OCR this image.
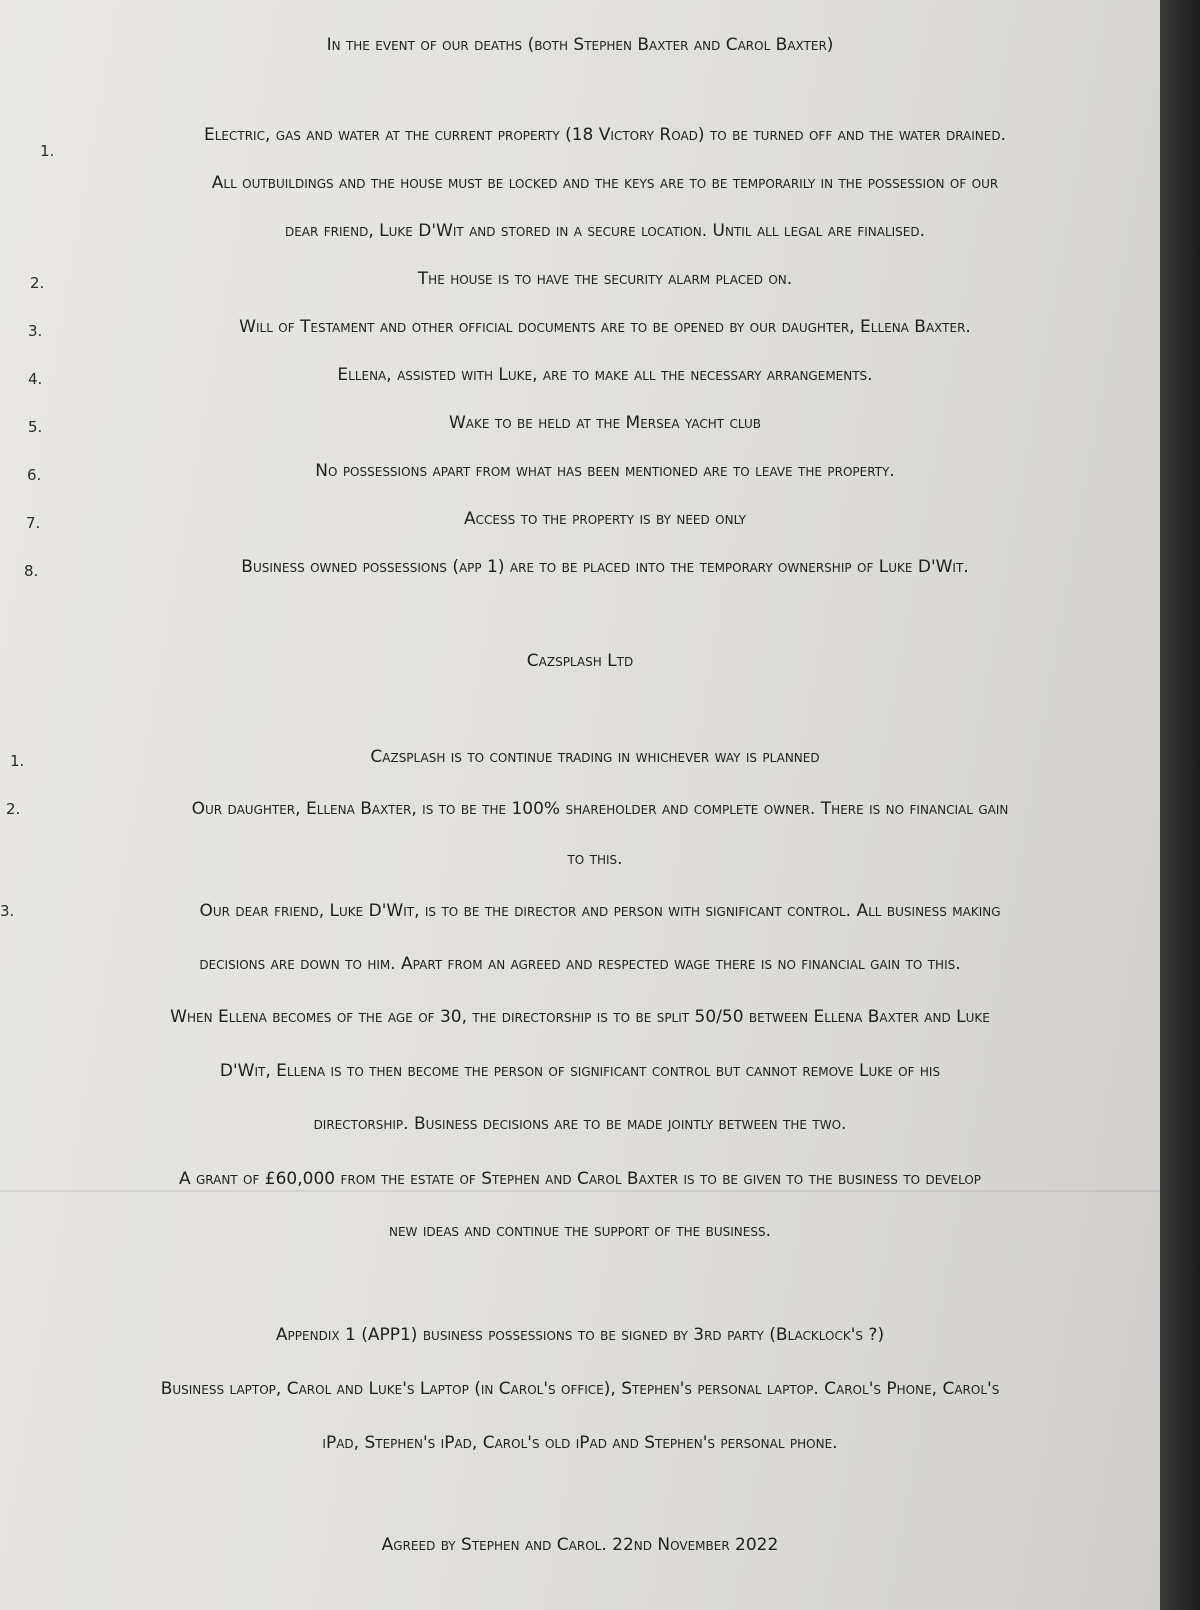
In the event of our deaths (both Stephen Baxter and Carol Baxter)
1.
Electric, gas and water at the current property (18 Victory Road) to be turned off and the water drained.
All outbuildings and the house must be locked and the keys are to be temporarily in the possession of our
dear friend, Luke D'Wit and stored in a secure location. Until all legal are finalised.
2.	The house is to have the security alarm placed on.
3.	Will of Testament and other official documents are to be opened by our daughter, Ellena Baxter.
4.	Ellena, assisted with Luke, are to make all the necessary arrangements.
5.	Wake to be held at the Mersea yacht club
6.	No possessions apart from what has been mentioned are to leave the property.
7.	Access to the property is by need only
8.	Business owned possessions (app 1) are to be placed into the temporary ownership of Luke D'Wit.
Cazsplash Ltd
1.	Cazsplash is to continue trading in whichever way is planned
2.	Our daughter, Ellena Baxter, is to be the 100% shareholder and complete owner. There is no financial gain
to this.
3.	Our dear friend, Luke D'Wit, is to be the director and person with significant control. All business making
decisions are down to him. Apart from an agreed and respected wage there is no financial gain to this.
When Ellena becomes of the age of 30, the directorship is to be split 50/50 between Ellena Baxter and Luke
D'Wit, Ellena is to then become the person of significant control but cannot remove Luke of his
directorship. Business decisions are to be made jointly between the two.
A grant of £60,000 from the estate of Stephen and Carol Baxter is to be given to the business to develop
new ideas and continue the support of the business.
Appendix 1 (APP1) business possessions to be signed by 3rd party (Blacklock's ?)
Business laptop, Carol and Luke's Laptop (in Carol's office), Stephen's personal laptop. Carol's Phone, Carol's
iPad, Stephen's iPad, Carol's old iPad and Stephen's personal phone.
Agreed by Stephen and Carol. 22nd November 2022
